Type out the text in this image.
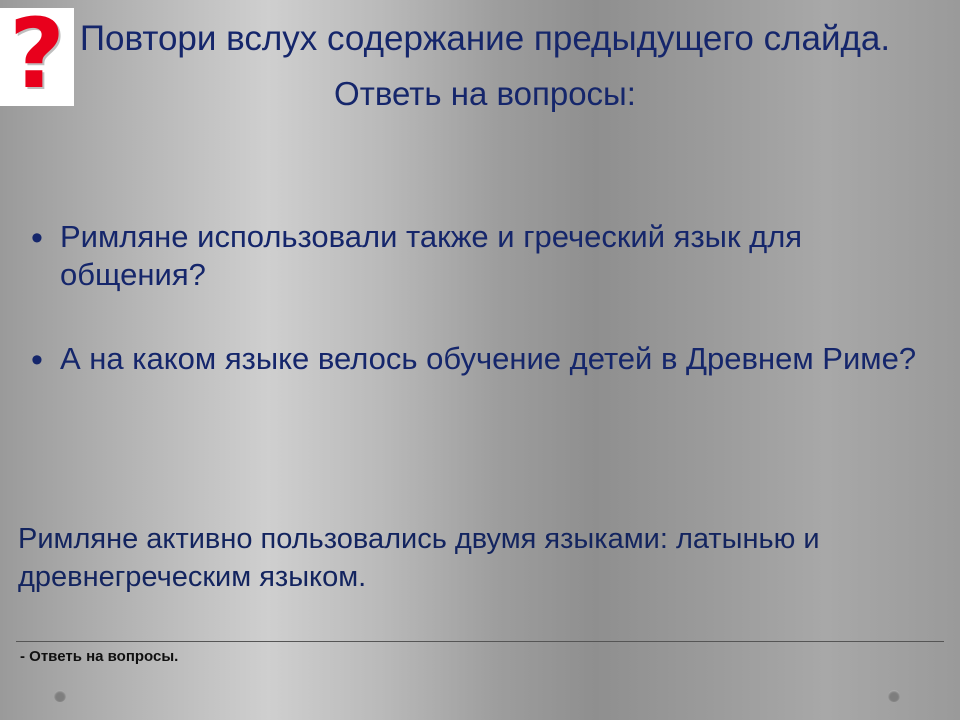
? Повтори вслух содержание предыдущего слайда.
Ответь на вопросы:
• Римляне использовали также и греческий язык для общения?
• А на каком языке велось обучение детей в Древнем Риме?
Римляне активно пользовались двумя языками: латынью и древнегреческим языком.
- Ответь на вопросы.
